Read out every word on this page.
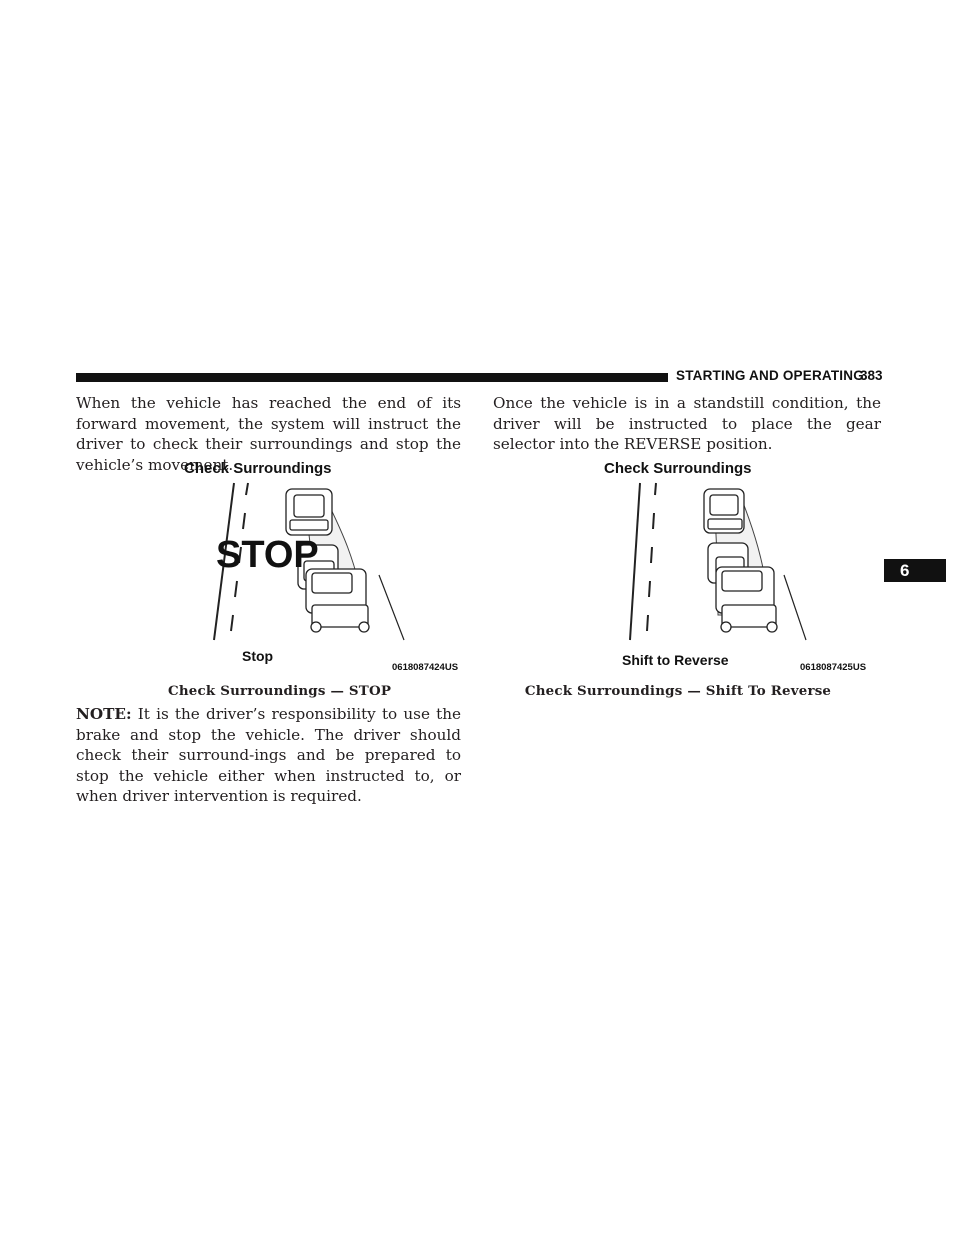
STARTING AND OPERATING
383
6

When the vehicle has reached the end of its forward movement, the system will instruct the driver to check their surroundings and stop the vehicle’s movement.

Once the vehicle is in a standstill condition, the driver will be instructed to place the gear selector into the REVERSE position.

Check Surroundings
STOP
Stop
0618087424US
Check Surroundings — STOP

NOTE: It is the driver’s responsibility to use the brake and stop the vehicle. The driver should check their surround-ings and be prepared to stop the vehicle either when instructed to, or when driver intervention is required.

Check Surroundings
Shift to Reverse	0618087425US
Check Surroundings — Shift To Reverse
